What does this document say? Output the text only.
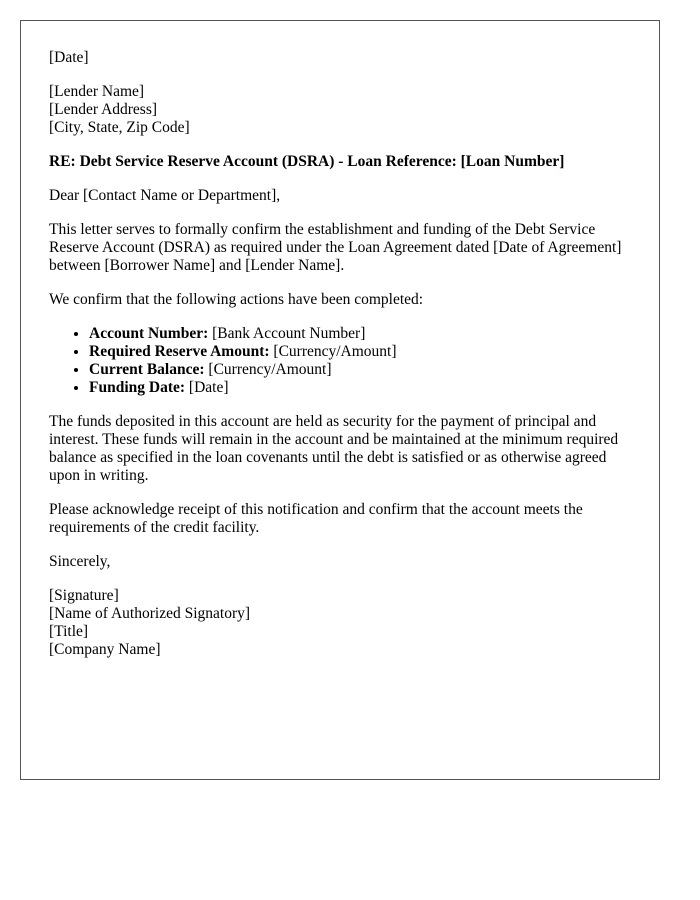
[Date]
[Lender Name]
[Lender Address]
[City, State, Zip Code]

RE: Debt Service Reserve Account (DSRA) - Loan Reference: [Loan Number]

Dear [Contact Name or Department],

This letter serves to formally confirm the establishment and funding of the Debt Service Reserve Account (DSRA) as required under the Loan Agreement dated [Date of Agreement] between [Borrower Name] and [Lender Name].

We confirm that the following actions have been completed:

• Account Number: [Bank Account Number]
• Required Reserve Amount: [Currency/Amount]
• Current Balance: [Currency/Amount]
• Funding Date: [Date]

The funds deposited in this account are held as security for the payment of principal and interest. These funds will remain in the account and be maintained at the minimum required balance as specified in the loan covenants until the debt is satisfied or as otherwise agreed upon in writing.

Please acknowledge receipt of this notification and confirm that the account meets the requirements of the credit facility.

Sincerely,

[Signature]
[Name of Authorized Signatory]
[Title]
[Company Name]
